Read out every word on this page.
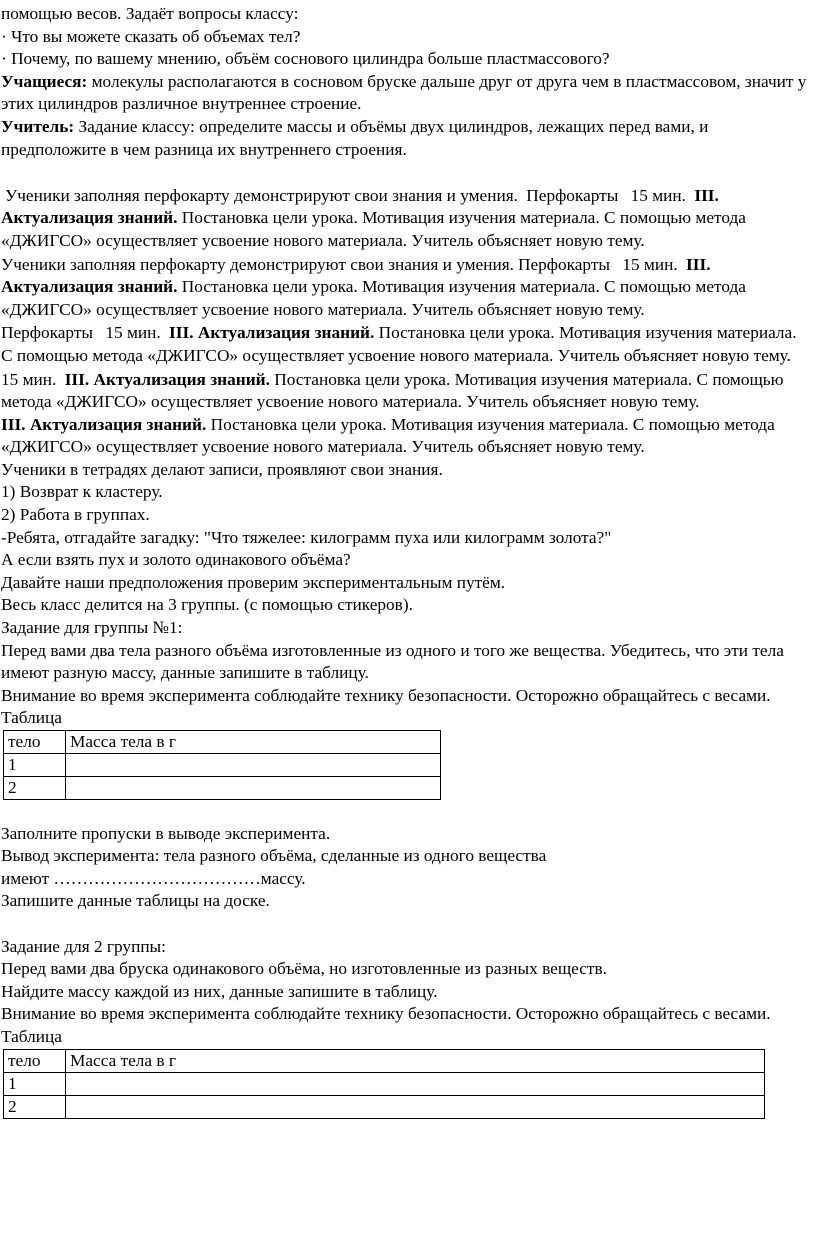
помощью весов. Задаёт вопросы классу:

· Что вы можете сказать об объемах тел?

· Почему, по вашему мнению, объём соснового цилиндра больше пластмассового?

Учащиеся: молекулы располагаются в сосновом бруске дальше друг от друга чем в пластмассовом, значит у этих цилиндров различное внутреннее строение.

Учитель: Задание классу: определите массы и объёмы двух цилиндров, лежащих перед вами, и предположите в чем разница их внутреннего строения.

Ученики заполняя перфокарту демонстрируют свои знания и умения. Перфокарты 15 мин. III. Актуализация знаний. Постановка цели урока. Мотивация изучения материала. С помощью метода «ДЖИГСО» осуществляет усвоение нового материала. Учитель объясняет новую тему.

Ученики заполняя перфокарту демонстрируют свои знания и умения. Перфокарты 15 мин. III. Актуализация знаний. Постановка цели урока. Мотивация изучения материала. С помощью метода «ДЖИГСО» осуществляет усвоение нового материала. Учитель объясняет новую тему.

Перфокарты 15 мин. III. Актуализация знаний. Постановка цели урока. Мотивация изучения материала. С помощью метода «ДЖИГСО» осуществляет усвоение нового материала. Учитель объясняет новую тему.

15 мин. III. Актуализация знаний. Постановка цели урока. Мотивация изучения материала. С помощью метода «ДЖИГСО» осуществляет усвоение нового материала. Учитель объясняет новую тему.

III. Актуализация знаний. Постановка цели урока. Мотивация изучения материала. С помощью метода «ДЖИГСО» осуществляет усвоение нового материала. Учитель объясняет новую тему.

Ученики в тетрадях делают записи, проявляют свои знания.

1) Возврат к кластеру.

2) Работа в группах.

-Ребята, отгадайте загадку: "Что тяжелее: килограмм пуха или килограмм золота?"

А если взять пух и золото одинакового объёма?

Давайте наши предположения проверим экспериментальным путём.

Весь класс делится на 3 группы. (с помощью стикеров).

Задание для группы №1:

Перед вами два тела разного объёма изготовленные из одного и того же вещества. Убедитесь, что эти тела имеют разную массу, данные запишите в таблицу.

Внимание во время эксперимента соблюдайте технику безопасности. Осторожно обращайтесь с весами.

Таблица

тело	Масса тела в г
1	
2	

Заполните пропуски в выводе эксперимента.

Вывод эксперимента: тела разного объёма, сделанные из одного вещества

имеют ………………………………массу.

Запишите данные таблицы на доске.

Задание для 2 группы:

Перед вами два бруска одинакового объёма, но изготовленные из разных веществ.

Найдите массу каждой из них, данные запишите в таблицу.

Внимание во время эксперимента соблюдайте технику безопасности. Осторожно обращайтесь с весами.

Таблица

тело	Масса тела в г
1	
2	
